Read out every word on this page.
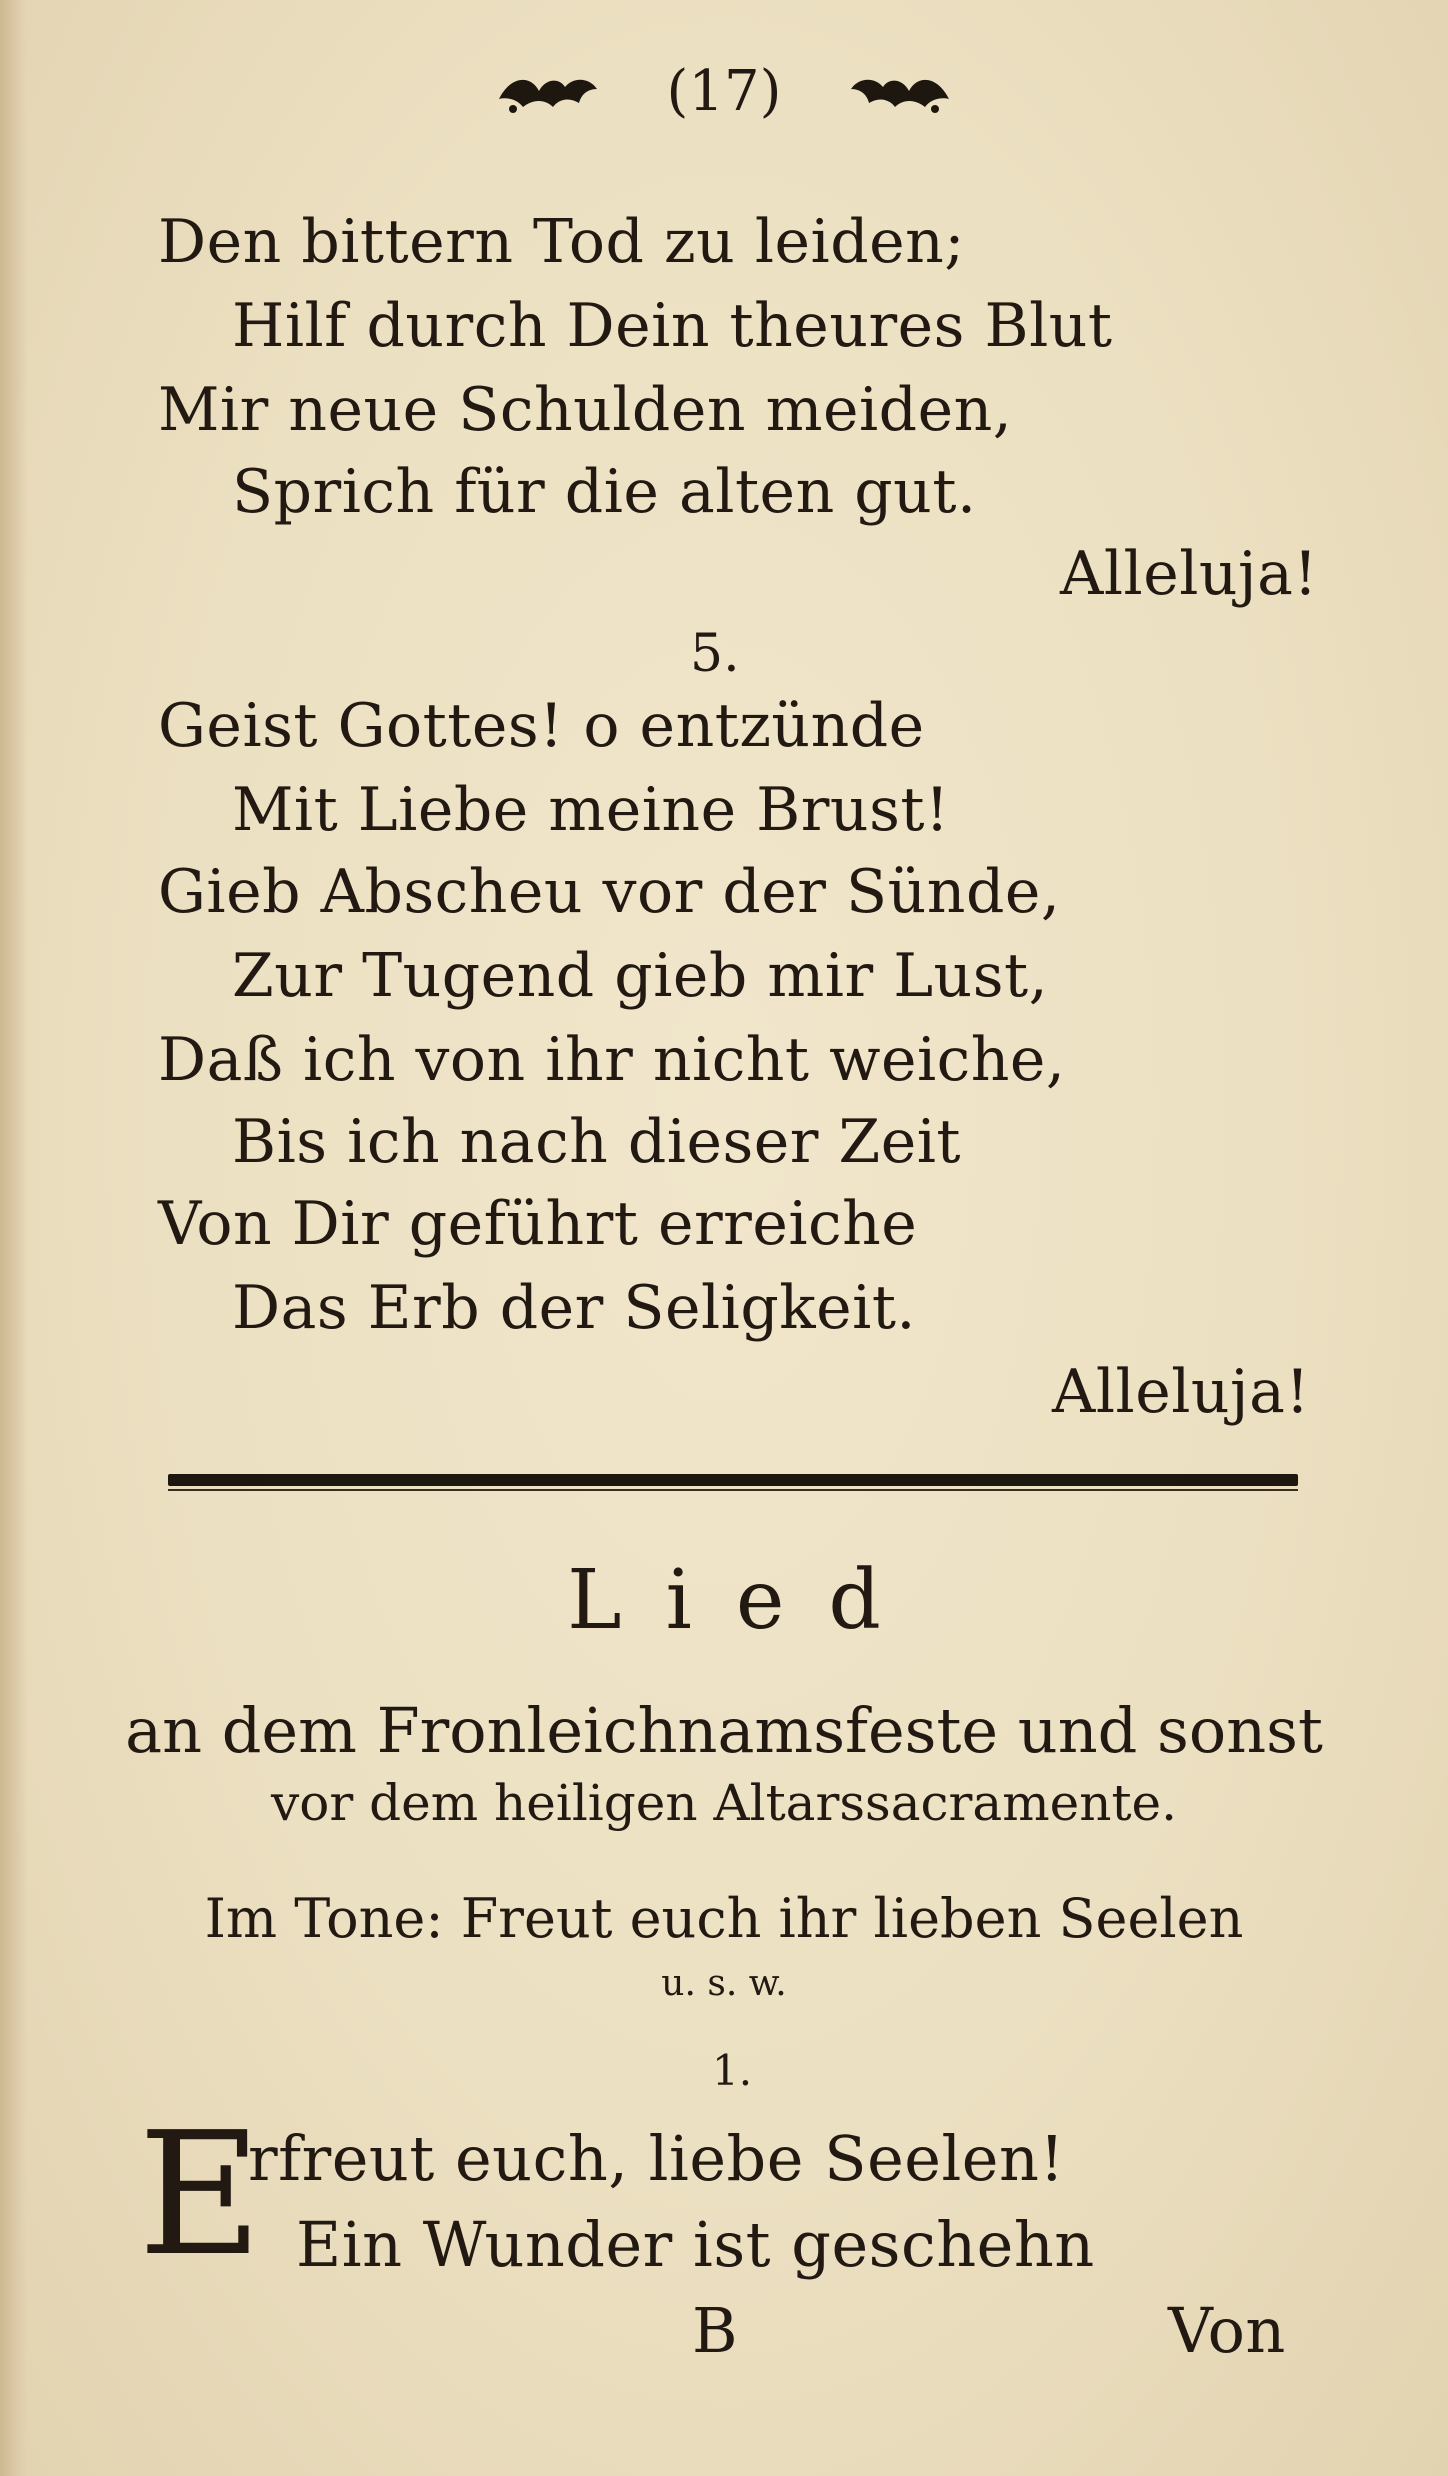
(17)
Den bittern Tod zu leiden;
Hilf durch Dein theures Blut
Mir neue Schulden meiden,
Sprich für die alten gut.
Alleluja!
5.
Geist Gottes! o entzünde
Mit Liebe meine Brust!
Gieb Abscheu vor der Sünde,
Zur Tugend gieb mir Lust,
Daß ich von ihr nicht weiche,
Bis ich nach dieser Zeit
Von Dir geführt erreiche
Das Erb der Seligkeit.
Alleluja!
Lied
an dem Fronleichnamsfeste und sonst
vor dem heiligen Altarssacramente.
Im Tone: Freut euch ihr lieben Seelen
u. s. w.
1.
E
rfreut euch, liebe Seelen!
Ein Wunder ist geschehn
B	Von
